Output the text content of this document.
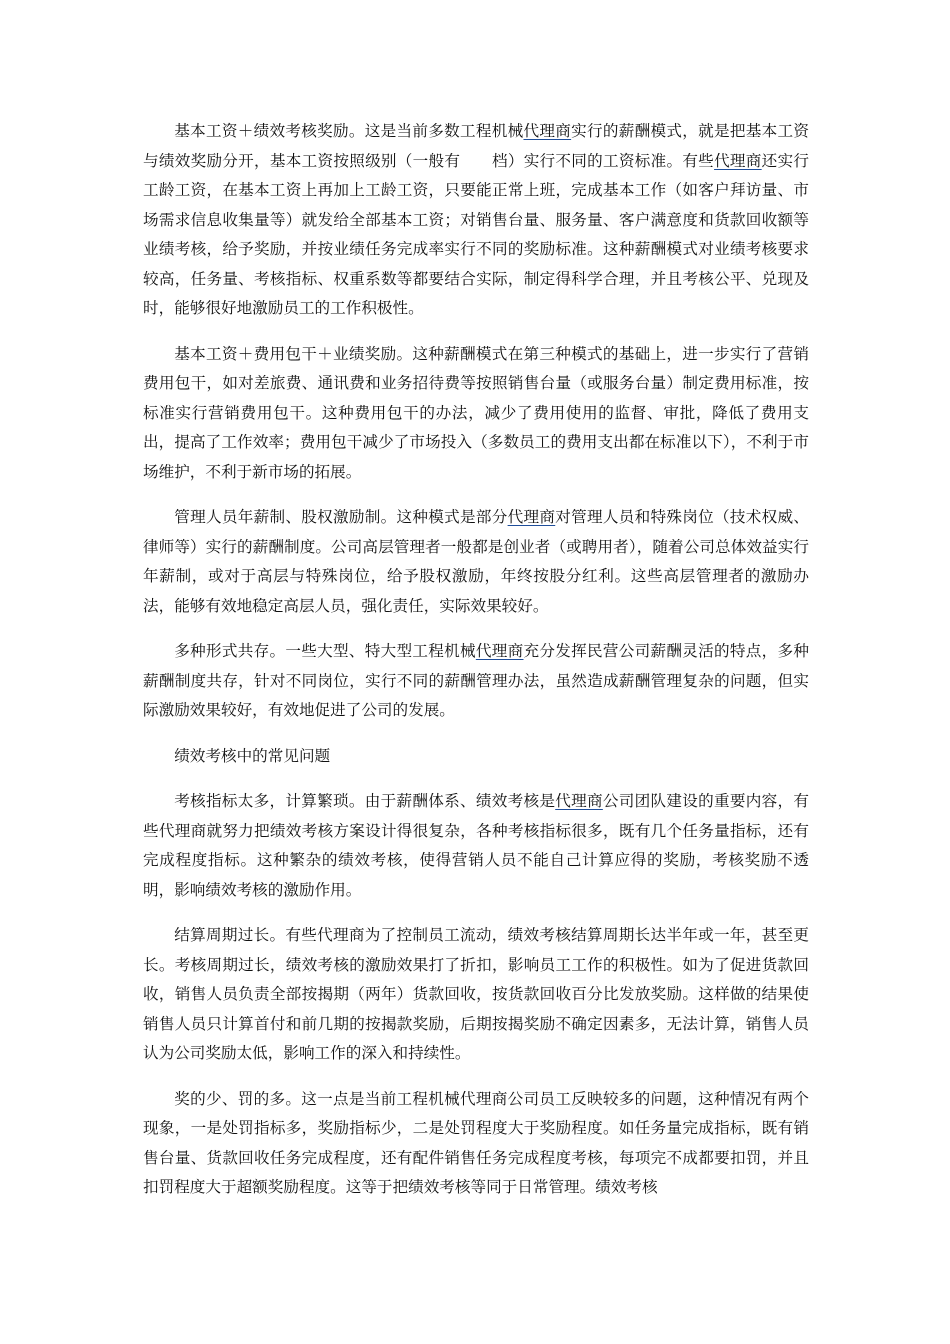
基本工资＋绩效考核奖励。这是当前多数工程机械代理商实行的薪酬模式，就是把基本工资与绩效奖励分开，基本工资按照级别（一般有　　档）实行不同的工资标准。有些代理商还实行工龄工资，在基本工资上再加上工龄工资，只要能正常上班，完成基本工作（如客户拜访量、市场需求信息收集量等）就发给全部基本工资；对销售台量、服务量、客户满意度和货款回收额等业绩考核，给予奖励，并按业绩任务完成率实行不同的奖励标准。这种薪酬模式对业绩考核要求较高，任务量、考核指标、权重系数等都要结合实际，制定得科学合理，并且考核公平、兑现及时，能够很好地激励员工的工作积极性。

基本工资＋费用包干＋业绩奖励。这种薪酬模式在第三种模式的基础上，进一步实行了营销费用包干，如对差旅费、通讯费和业务招待费等按照销售台量（或服务台量）制定费用标准，按标准实行营销费用包干。这种费用包干的办法，减少了费用使用的监督、审批，降低了费用支出，提高了工作效率；费用包干减少了市场投入（多数员工的费用支出都在标准以下），不利于市场维护，不利于新市场的拓展。

管理人员年薪制、股权激励制。这种模式是部分代理商对管理人员和特殊岗位（技术权威、律师等）实行的薪酬制度。公司高层管理者一般都是创业者（或聘用者），随着公司总体效益实行年薪制，或对于高层与特殊岗位，给予股权激励，年终按股分红利。这些高层管理者的激励办法，能够有效地稳定高层人员，强化责任，实际效果较好。

多种形式共存。一些大型、特大型工程机械代理商充分发挥民营公司薪酬灵活的特点，多种薪酬制度共存，针对不同岗位，实行不同的薪酬管理办法，虽然造成薪酬管理复杂的问题，但实际激励效果较好，有效地促进了公司的发展。

绩效考核中的常见问题

考核指标太多，计算繁琐。由于薪酬体系、绩效考核是代理商公司团队建设的重要内容，有些代理商就努力把绩效考核方案设计得很复杂，各种考核指标很多，既有几个任务量指标，还有完成程度指标。这种繁杂的绩效考核，使得营销人员不能自己计算应得的奖励，考核奖励不透明，影响绩效考核的激励作用。

结算周期过长。有些代理商为了控制员工流动，绩效考核结算周期长达半年或一年，甚至更长。考核周期过长，绩效考核的激励效果打了折扣，影响员工工作的积极性。如为了促进货款回收，销售人员负责全部按揭期（两年）货款回收，按货款回收百分比发放奖励。这样做的结果使销售人员只计算首付和前几期的按揭款奖励，后期按揭奖励不确定因素多，无法计算，销售人员认为公司奖励太低，影响工作的深入和持续性。

奖的少、罚的多。这一点是当前工程机械代理商公司员工反映较多的问题，这种情况有两个现象，一是处罚指标多，奖励指标少，二是处罚程度大于奖励程度。如任务量完成指标，既有销售台量、货款回收任务完成程度，还有配件销售任务完成程度考核，每项完不成都要扣罚，并且扣罚程度大于超额奖励程度。这等于把绩效考核等同于日常管理。绩效考核
